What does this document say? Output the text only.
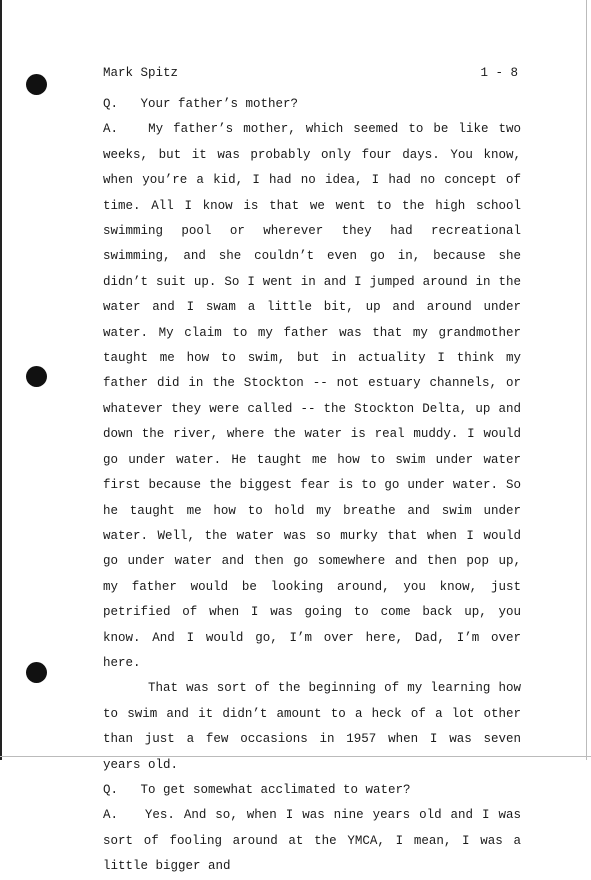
Mark Spitz	1 - 8

Q.   Your father’s mother?

A.   My father’s mother, which seemed to be like two weeks, but it was probably only four days. You know, when you’re a kid, I had no idea, I had no concept of time. All I know is that we went to the high school swimming pool or wherever they had recreational swimming, and she couldn’t even go in, because she didn’t suit up. So I went in and I jumped around in the water and I swam a little bit, up and around under water. My claim to my father was that my grandmother taught me how to swim, but in actuality I think my father did in the Stockton -- not estuary channels, or whatever they were called -- the Stockton Delta, up and down the river, where the water is real muddy. I would go under water. He taught me how to swim under water first because the biggest fear is to go under water. So he taught me how to hold my breathe and swim under water. Well, the water was so murky that when I would go under water and then go somewhere and then pop up, my father would be looking around, you know, just petrified of when I was going to come back up, you know. And I would go, I’m over here, Dad, I’m over here.

That was sort of the beginning of my learning how to swim and it didn’t amount to a heck of a lot other than just a few occasions in 1957 when I was seven years old.

Q.   To get somewhat acclimated to water?

A.   Yes. And so, when I was nine years old and I was sort of fooling around at the YMCA, I mean, I was a little bigger and
